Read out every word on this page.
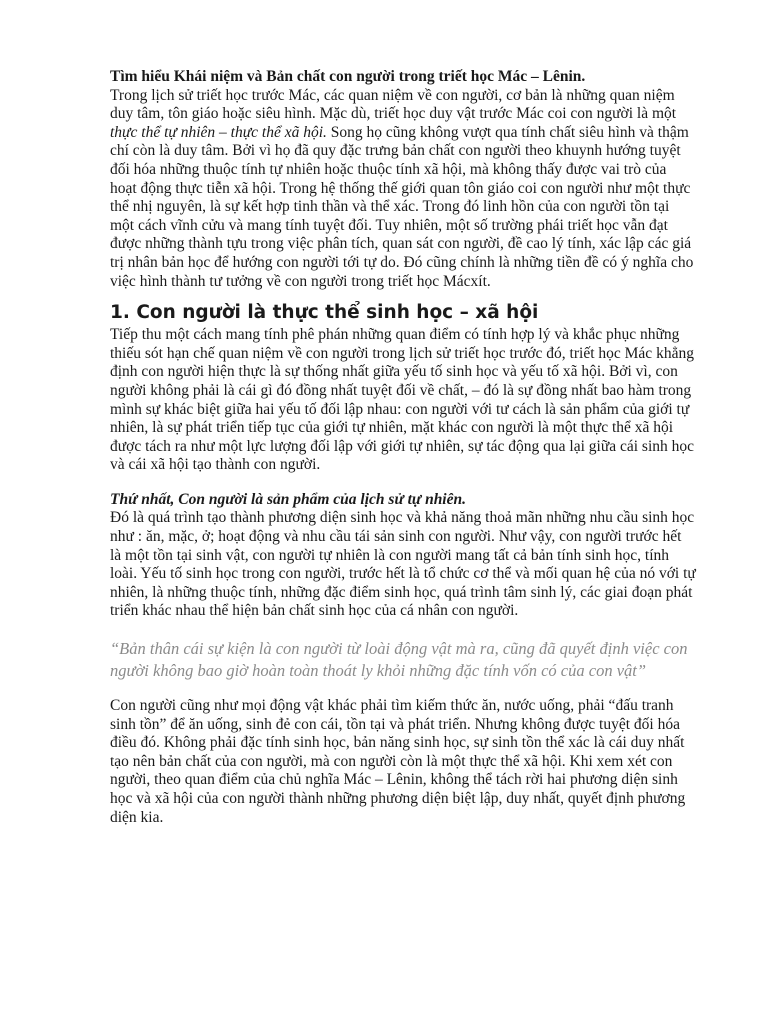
Tìm hiểu Khái niệm và Bản chất con người trong triết học Mác – Lênin.

Trong lịch sử triết học trước Mác, các quan niệm về con người, cơ bản là những quan niệm duy tâm, tôn giáo hoặc siêu hình. Mặc dù, triết học duy vật trước Mác coi con người là một thực thể tự nhiên – thực thể xã hội. Song họ cũng không vượt qua tính chất siêu hình và thậm chí còn là duy tâm. Bởi vì họ đã quy đặc trưng bản chất con người theo khuynh hướng tuyệt đối hóa những thuộc tính tự nhiên hoặc thuộc tính xã hội, mà không thấy được vai trò của hoạt động thực tiễn xã hội. Trong hệ thống thế giới quan tôn giáo coi con người như một thực thể nhị nguyên, là sự kết hợp tinh thần và thể xác. Trong đó linh hồn của con người tồn tại một cách vĩnh cửu và mang tính tuyệt đối. Tuy nhiên, một số trường phái triết học vẫn đạt được những thành tựu trong việc phân tích, quan sát con người, đề cao lý tính, xác lập các giá trị nhân bản học để hướng con người tới tự do. Đó cũng chính là những tiền đề có ý nghĩa cho việc hình thành tư tưởng về con người trong triết học Mácxít.

1. Con người là thực thể sinh học – xã hội

Tiếp thu một cách mang tính phê phán những quan điểm có tính hợp lý và khắc phục những thiếu sót hạn chế quan niệm về con người trong lịch sử triết học trước đó, triết học Mác khẳng định con người hiện thực là sự thống nhất giữa yếu tố sinh học và yếu tố xã hội. Bởi vì, con người không phải là cái gì đó đồng nhất tuyệt đối về chất, – đó là sự đồng nhất bao hàm trong mình sự khác biệt giữa hai yếu tố đối lập nhau: con người với tư cách là sản phẩm của giới tự nhiên, là sự phát triển tiếp tục của giới tự nhiên, mặt khác con người là một thực thể xã hội được tách ra như một lực lượng đối lập với giới tự nhiên, sự tác động qua lại giữa cái sinh học và cái xã hội tạo thành con người.

Thứ nhất, Con người là sản phẩm của lịch sử tự nhiên.

Đó là quá trình tạo thành phương diện sinh học và khả năng thoả mãn những nhu cầu sinh học như : ăn, mặc, ở; hoạt động và nhu cầu tái sản sinh con người. Như vậy, con người trước hết là một tồn tại sinh vật, con người tự nhiên là con người mang tất cả bản tính sinh học, tính loài. Yếu tố sinh học trong con người, trước hết là tổ chức cơ thể và mối quan hệ của nó với tự nhiên, là những thuộc tính, những đặc điểm sinh học, quá trình tâm sinh lý, các giai đoạn phát triển khác nhau thể hiện bản chất sinh học của cá nhân con người.

“Bản thân cái sự kiện là con người từ loài động vật mà ra, cũng đã quyết định việc con người không bao giờ hoàn toàn thoát ly khỏi những đặc tính vốn có của con vật”

Con người cũng như mọi động vật khác phải tìm kiếm thức ăn, nước uống, phải “đấu tranh sinh tồn” để ăn uống, sinh đẻ con cái, tồn tại và phát triển. Nhưng không được tuyệt đối hóa điều đó. Không phải đặc tính sinh học, bản năng sinh học, sự sinh tồn thể xác là cái duy nhất tạo nên bản chất của con người, mà con người còn là một thực thể xã hội. Khi xem xét con người, theo quan điểm của chủ nghĩa Mác – Lênin, không thể tách rời hai phương diện sinh học và xã hội của con người thành những phương diện biệt lập, duy nhất, quyết định phương diện kia.
